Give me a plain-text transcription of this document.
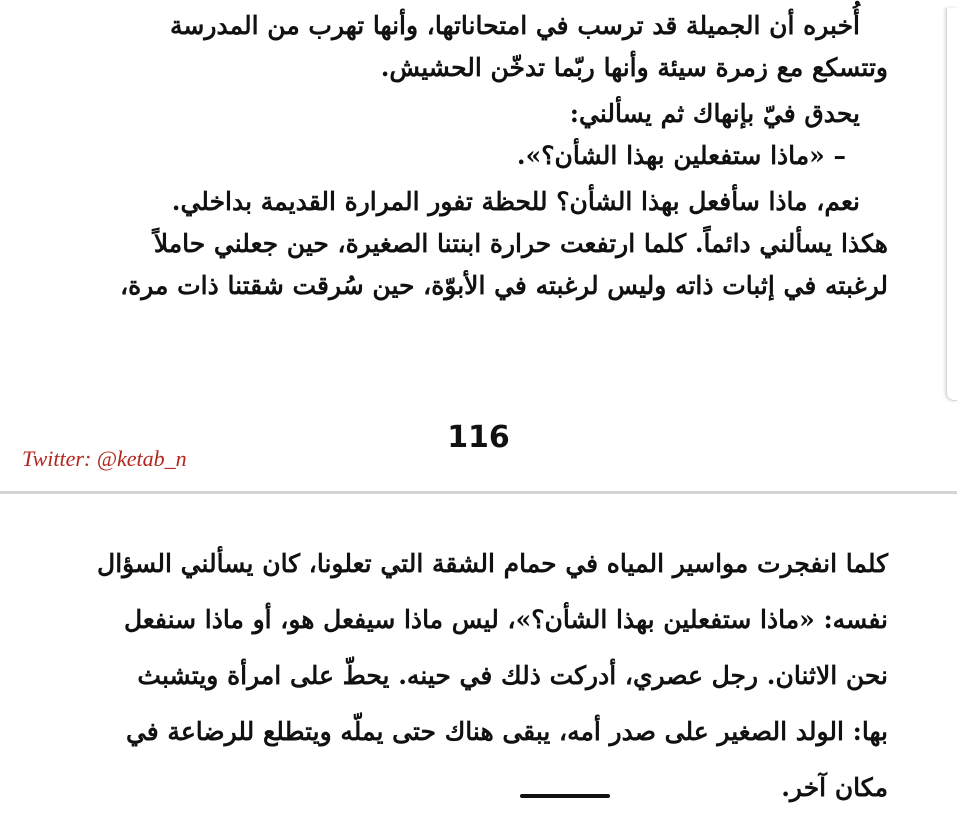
أُخبره أن الجميلة قد ترسب في امتحاناتها، وأنها تهرب من المدرسة

وتتسكع مع زمرة سيئة وأنها ربّما تدخّن الحشيش.

يحدق فيّ بإنهاك ثم يسألني:

– «ماذا ستفعلين بهذا الشأن؟».

نعم، ماذا سأفعل بهذا الشأن؟ للحظة تفور المرارة القديمة بداخلي.

هكذا يسألني دائماً. كلما ارتفعت حرارة ابنتنا الصغيرة، حين جعلني حاملاً

لرغبته في إثبات ذاته وليس لرغبته في الأبوّة، حين سُرقت شقتنا ذات مرة،

116
Twitter: @ketab_n

كلما انفجرت مواسير المياه في حمام الشقة التي تعلونا، كان يسألني السؤال

نفسه: «ماذا ستفعلين بهذا الشأن؟»، ليس ماذا سيفعل هو، أو ماذا سنفعل

نحن الاثنان. رجل عصري، أدركت ذلك في حينه. يحطّ على امرأة ويتشبث

بها: الولد الصغير على صدر أمه، يبقى هناك حتى يملّه ويتطلع للرضاعة في

مكان آخر.
